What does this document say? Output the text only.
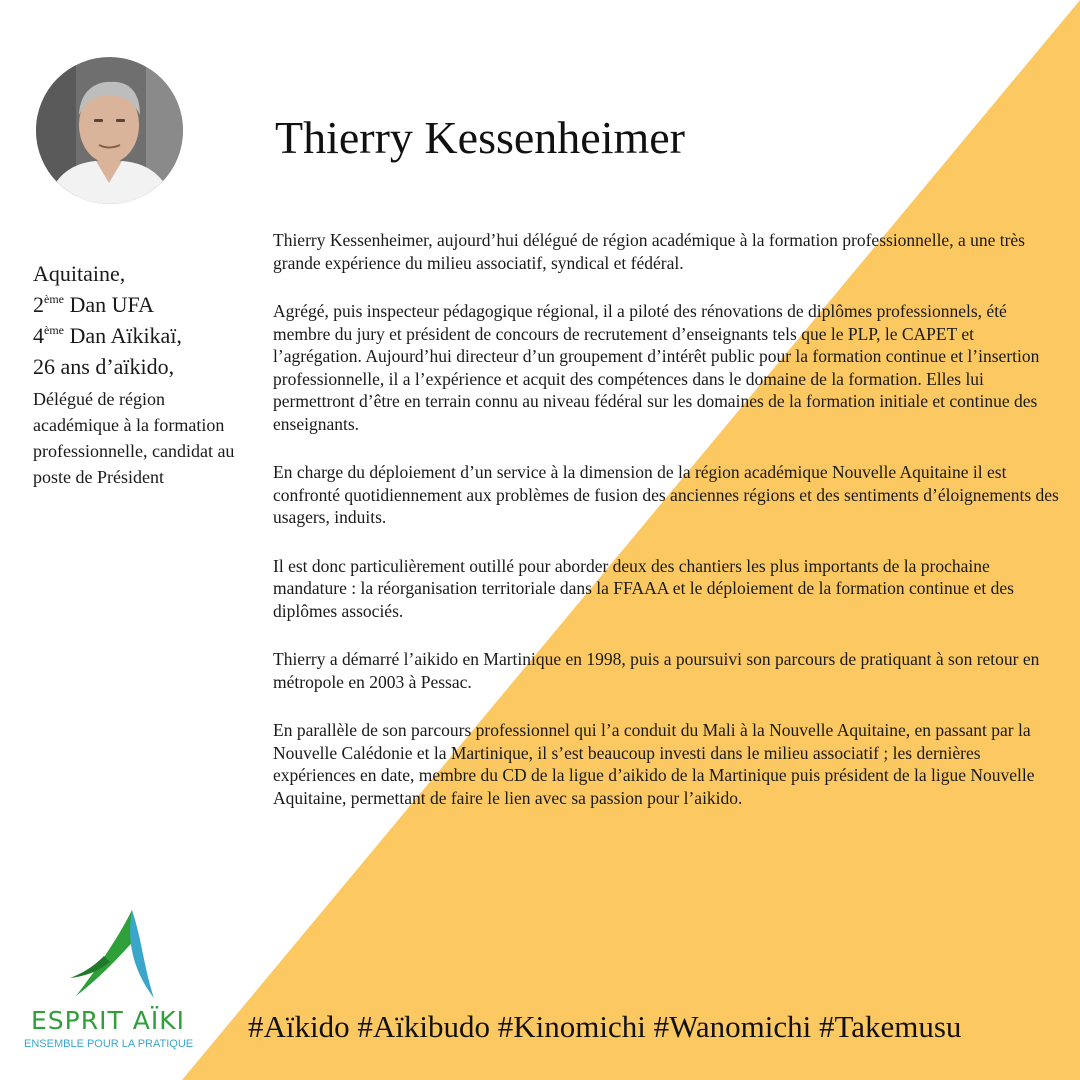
Thierry Kessenheimer
Aquitaine,
2ème Dan UFA
4ème Dan Aïkikaï,
26 ans d’aïkido,
Délégué de région académique à la formation professionnelle, candidat au poste de Président

Thierry Kessenheimer, aujourd’hui délégué de région académique à la formation professionnelle, a une très grande expérience du milieu associatif, syndical et fédéral.

Agrégé, puis inspecteur pédagogique régional, il a piloté des rénovations de diplômes professionnels, été membre du jury et président de concours de recrutement d’enseignants tels que le PLP, le CAPET et l’agrégation. Aujourd’hui directeur d’un groupement d’intérêt public pour la formation continue et l’insertion professionnelle, il a l’expérience et acquit des compétences dans le domaine de la formation. Elles lui permettront d’être en terrain connu au niveau fédéral sur les domaines de la formation initiale et continue des enseignants.

En charge du déploiement d’un service à la dimension de la région académique Nouvelle Aquitaine il est confronté quotidiennement aux problèmes de fusion des anciennes régions et des sentiments d’éloignements des usagers, induits.

Il est donc particulièrement outillé pour aborder deux des chantiers les plus importants de la prochaine mandature : la réorganisation territoriale dans la FFAAA et le déploiement de la formation continue et des diplômes associés.

Thierry a démarré l’aikido en Martinique en 1998, puis a poursuivi son parcours de pratiquant à son retour en métropole en 2003 à Pessac.

En parallèle de son parcours professionnel qui l’a conduit du Mali à la Nouvelle Aquitaine, en passant par la Nouvelle Calédonie et la Martinique, il s’est beaucoup investi dans le milieu associatif ; les dernières expériences en date, membre du CD de la ligue d’aikido de la Martinique puis président de la ligue Nouvelle Aquitaine, permettant de faire le lien avec sa passion pour l’aikido.

ESPRIT AÏKI
ENSEMBLE POUR LA PRATIQUE #Aïkido #Aïkibudo #Kinomichi #Wanomichi #Takemusu
